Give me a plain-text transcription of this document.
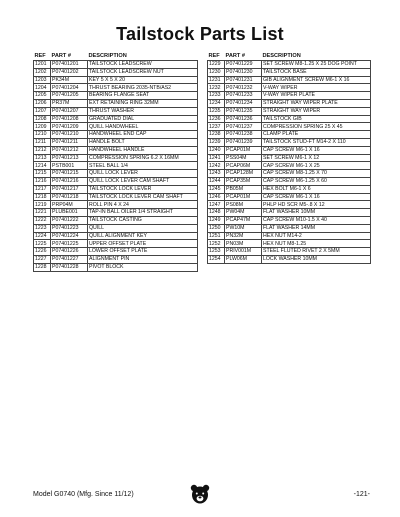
Tailstock Parts List
REF	PART #	DESCRIPTION
1201	P07401201	TAILSTOCK LEADSCREW
1202	P07401202	TAILSTOCK LEADSCREW NUT
1203	PK34M	KEY 5 X 5 X 20
1204	P07401204	THRUST BEARING 2035-NTB/AS2
1205	P07401205	BEARING FLANGE SEAT
1206	PR37M	EXT RETAINING RING 32MM
1207	P07401207	THRUST WASHER
1208	P07401208	GRADUATED DIAL
1209	P07401209	QUILL HANDWHEEL
1210	P07401210	HANDWHEEL END CAP
1211	P07401211	HANDLE BOLT
1212	P07401212	HANDWHEEL HANDLE
1213	P07401213	COMPRESSION SPRING 6.2 X 16MM
1214	PSTB001	STEEL BALL 1/4
1215	P07401215	QUILL LOCK LEVER
1216	P07401216	QUILL LOCK LEVER CAM SHAFT
1217	P07401217	TAILSTOCK LOCK LEVER
1218	P07401218	TAILSTOCK LOCK LEVER CAM SHAFT
1219	PRP04M	ROLL PIN 4 X 24
1221	PLUBE001	TAP-IN BALL OILER 1/4 STRAIGHT
1222	P07401222	TAILSTOCK CASTING
1223	P07401223	QUILL
1224	P07401224	QUILL ALIGNMENT KEY
1225	P07401225	UPPER OFFSET PLATE
1226	P07401226	LOWER OFFSET PLATE
1227	P07401227	ALIGNMENT PIN
1228	P07401228	PIVOT BLOCK
REF	PART #	DESCRIPTION
1229	P07401229	SET SCREW M8-1.25 X 25 DOG POINT
1230	P07401230	TAILSTOCK BASE
1231	P07401231	GIB ALIGNMENT SCREW M6-1 X 16
1232	P07401232	V-WAY WIPER
1233	P07401233	V-WAY WIPER PLATE
1234	P07401234	STRAIGHT WAY WIPER PLATE
1235	P07401235	STRAIGHT WAY WIPER
1236	P07401236	TAILSTOCK GIB
1237	P07401237	COMPRESSION SPRING 25 X 45
1238	P07401238	CLAMP PLATE
1239	P07401239	TAILSTOCK STUD-FT M14-2 X 110
1240	PCAP01M	CAP SCREW M6-1 X 16
1241	PSS04M	SET SCREW M6-1 X 12
1242	PCAP06M	CAP SCREW M6-1 X 25
1243	PCAP128M	CAP SCREW M8-1.25 X 70
1244	PCAP35M	CAP SCREW M6-1.25 X 60
1245	PB05M	HEX BOLT M6-1 X 6
1246	PCAP01M	CAP SCREW M6-1 X 16
1247	PS08M	PHLP HD SCR M5-.8 X 12
1248	PW04M	FLAT WASHER 10MM
1249	PCAP47M	CAP SCREW M10-1.5 X 40
1250	PW10M	FLAT WASHER 14MM
1251	PN32M	HEX NUT M14-2
1252	PN03M	HEX NUT M8-1.25
1253	PRIV001M	STEEL FLUTED RIVET 2 X 5MM
1254	PLW06M	LOCK WASHER 10MM
Model G0740 (Mfg. Since 11/12)	-121-
